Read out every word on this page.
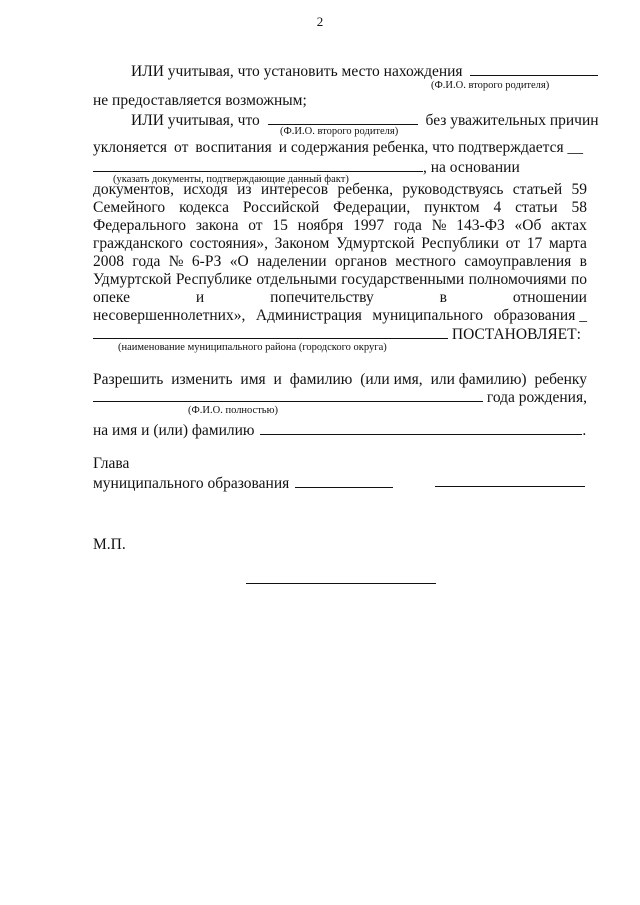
2
ИЛИ учитывая, что установить место нахождения
(Ф.И.О. второго родителя)
не предоставляется возможным;
ИЛИ учитывая, что	без уважительных причин
(Ф.И.О. второго родителя)
уклоняется от воспитания и содержания ребенка, что подтверждается __
, на основании
(указать документы, подтверждающие данный факт)
документов, исходя из интересов ребенка, руководствуясь статьей 59
Семейного кодекса Российской Федерации, пунктом 4 статьи 58
Федерального закона от 15 ноября 1997 года № 143-ФЗ «Об актах
гражданского состояния», Законом Удмуртской Республики от 17 марта
2008 года № 6-РЗ «О наделении органов местного самоуправления в
Удмуртской Республике отдельными государственными полномочиями по
опеке	и	попечительству	в	отношении
несовершеннолетних», Администрация муниципального образования _
ПОСТАНОВЛЯЕТ:
(наименование муниципального района (городского округа)
Разрешить изменить имя и фамилию (или имя, или фамилию) ребенку
года рождения,
(Ф.И.О. полностью)
на имя и (или) фамилию	.
Глава
муниципального образования
М.П.
